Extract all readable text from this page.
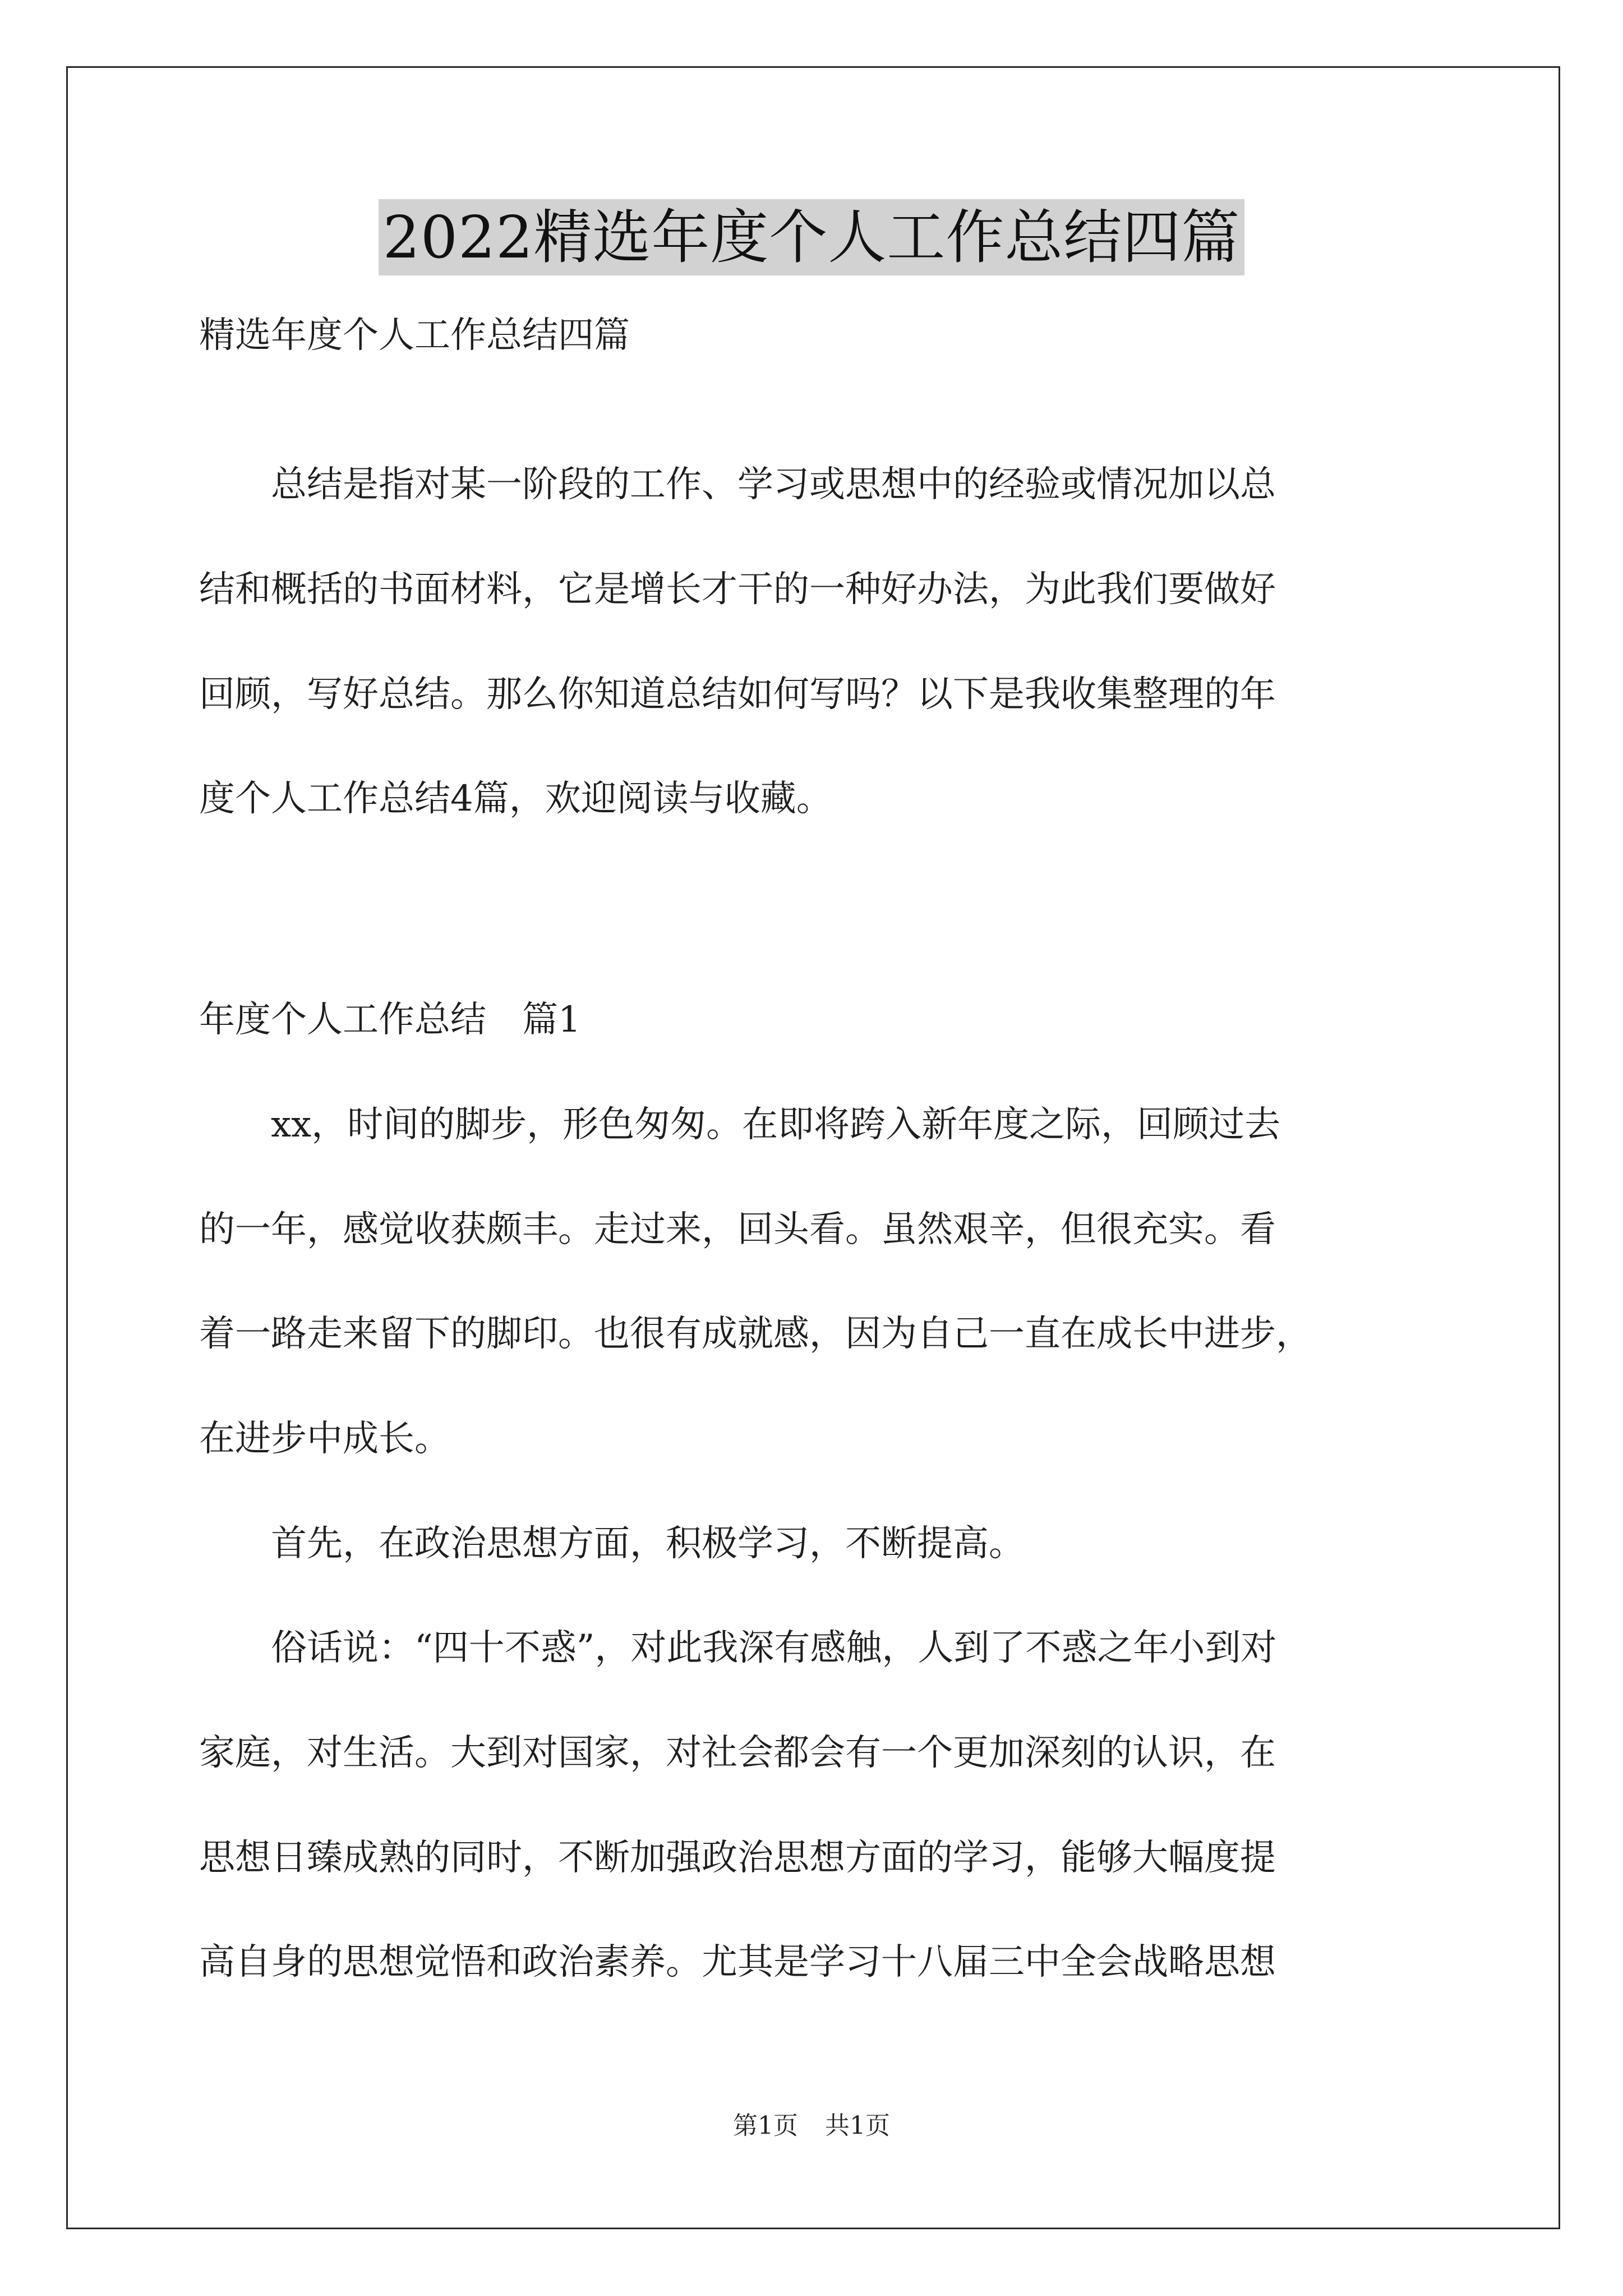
2022精选年度个人工作总结四篇
精选年度个人工作总结四篇
　　总结是指对某一阶段的工作、学习或思想中的经验或情况加以总
结和概括的书面材料，它是增长才干的一种好办法，为此我们要做好
回顾，写好总结。那么你知道总结如何写吗？以下是我收集整理的年
度个人工作总结4篇，欢迎阅读与收藏。
年度个人工作总结　篇1
　　xx，时间的脚步，形色匆匆。在即将跨入新年度之际，回顾过去
的一年，感觉收获颇丰。走过来，回头看。虽然艰辛，但很充实。看
着一路走来留下的脚印。也很有成就感，因为自己一直在成长中进步，
在进步中成长。
　　首先，在政治思想方面，积极学习，不断提高。
　　俗话说：“四十不惑”，对此我深有感触，人到了不惑之年小到对
家庭，对生活。大到对国家，对社会都会有一个更加深刻的认识，在
思想日臻成熟的同时，不断加强政治思想方面的学习，能够大幅度提
高自身的思想觉悟和政治素养。尤其是学习十八届三中全会战略思想
第1页 共1页
